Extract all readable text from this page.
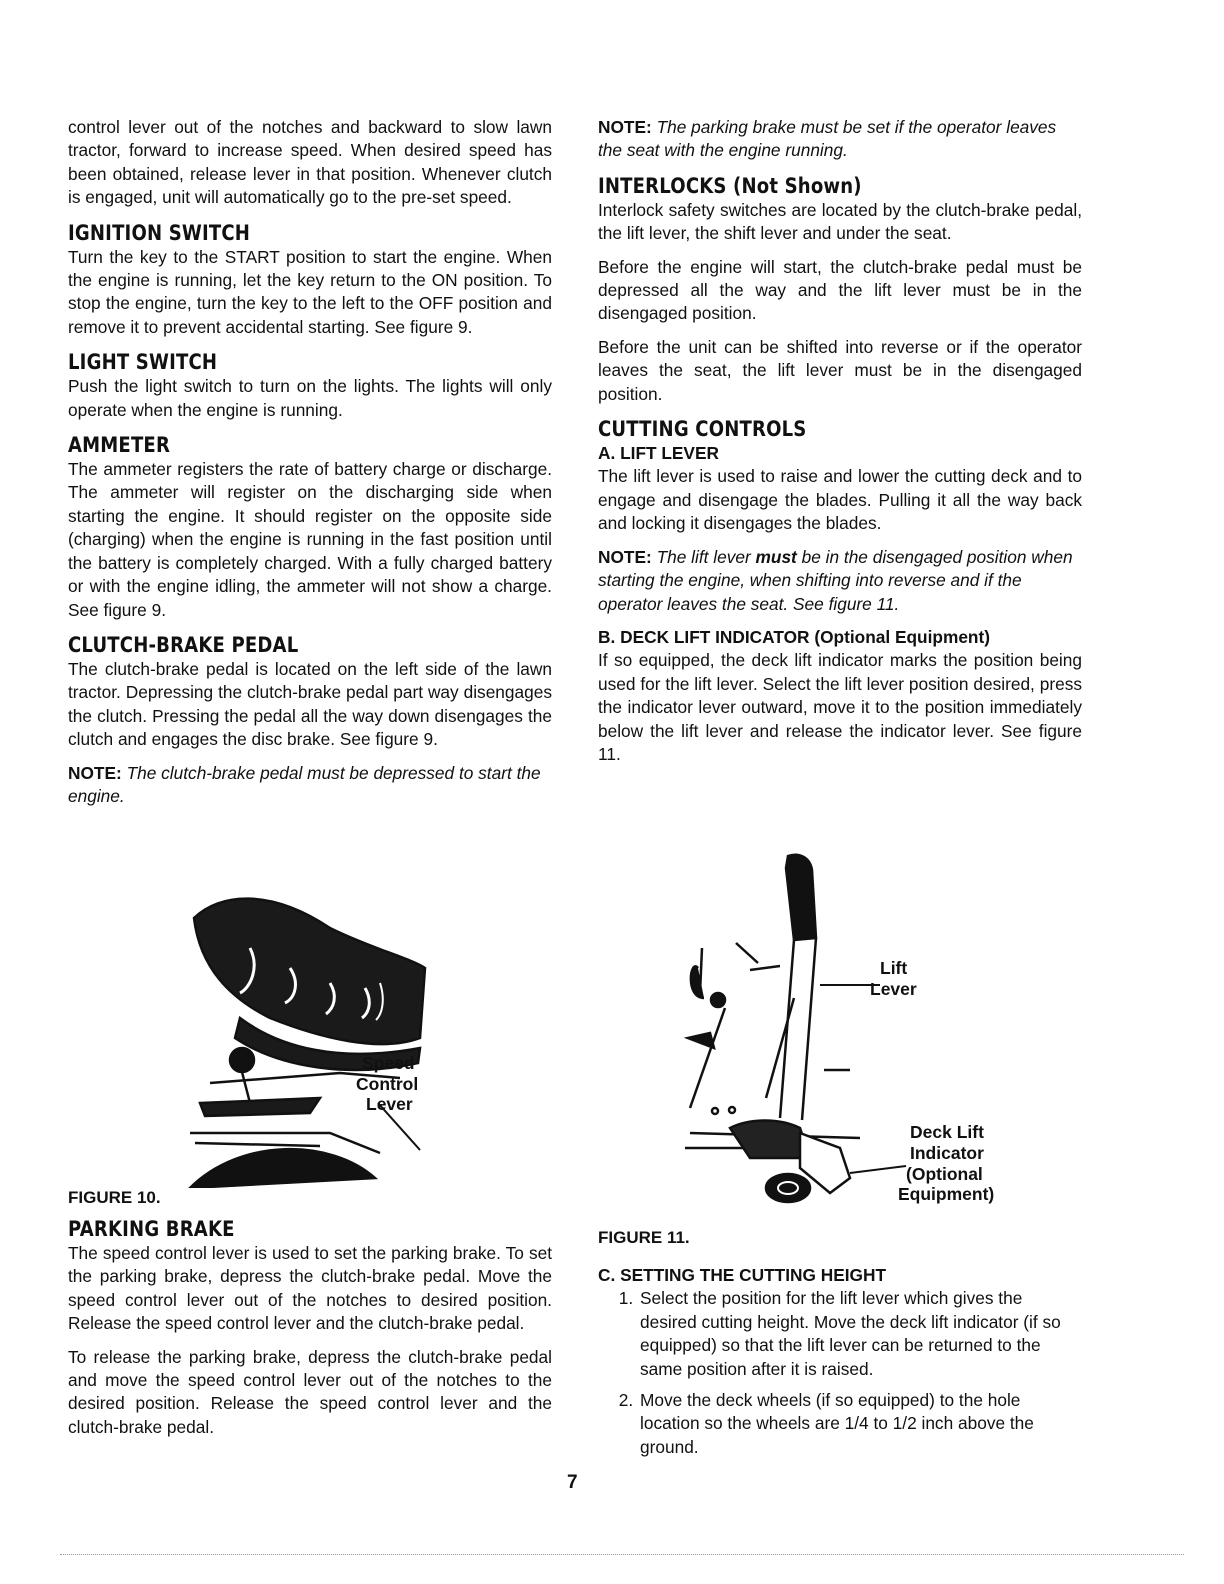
control lever out of the notches and backward to slow lawn tractor, forward to increase speed. When desired speed has been obtained, release lever in that position. Whenever clutch is engaged, unit will automatically go to the pre-set speed.

IGNITION SWITCH

Turn the key to the START position to start the engine. When the engine is running, let the key return to the ON position. To stop the engine, turn the key to the left to the OFF position and remove it to prevent accidental starting. See figure 9.

LIGHT SWITCH

Push the light switch to turn on the lights. The lights will only operate when the engine is running.

AMMETER

The ammeter registers the rate of battery charge or discharge. The ammeter will register on the discharging side when starting the engine. It should register on the opposite side (charging) when the engine is running in the fast position until the battery is completely charged. With a fully charged battery or with the engine idling, the ammeter will not show a charge. See figure 9.

CLUTCH-BRAKE PEDAL

The clutch-brake pedal is located on the left side of the lawn tractor. Depressing the clutch-brake pedal part way disengages the clutch. Pressing the pedal all the way down disengages the clutch and engages the disc brake. See figure 9.

NOTE: The clutch-brake pedal must be depressed to start the engine.

Speed
Control
Lever
FIGURE 10.
PARKING BRAKE

The speed control lever is used to set the parking brake. To set the parking brake, depress the clutch-brake pedal. Move the speed control lever out of the notches to desired position. Release the speed control lever and the clutch-brake pedal.

To release the parking brake, depress the clutch-brake pedal and move the speed control lever out of the notches to the desired position. Release the speed control lever and the clutch-brake pedal.

NOTE: The parking brake must be set if the operator leaves the seat with the engine running.

INTERLOCKS (Not Shown)

Interlock safety switches are located by the clutch-brake pedal, the lift lever, the shift lever and under the seat.

Before the engine will start, the clutch-brake pedal must be depressed all the way and the lift lever must be in the disengaged position.

Before the unit can be shifted into reverse or if the operator leaves the seat, the lift lever must be in the disengaged position.

CUTTING CONTROLS
A. LIFT LEVER

The lift lever is used to raise and lower the cutting deck and to engage and disengage the blades. Pulling it all the way back and locking it disengages the blades.

NOTE: The lift lever must be in the disengaged position when starting the engine, when shifting into reverse and if the operator leaves the seat. See figure 11.

B. DECK LIFT INDICATOR (Optional Equipment)

If so equipped, the deck lift indicator marks the position being used for the lift lever. Select the lift lever position desired, press the indicator lever outward, move it to the position immediately below the lift lever and release the indicator lever. See figure 11.

Lift
Lever
Deck Lift
Indicator
(Optional
Equipment)
FIGURE 11.
C. SETTING THE CUTTING HEIGHT
1. Select the position for the lift lever which gives the desired cutting height. Move the deck lift indicator (if so equipped) so that the lift lever can be returned to the same position after it is raised.
2. Move the deck wheels (if so equipped) to the hole location so the wheels are 1/4 to 1/2 inch above the ground.
7
